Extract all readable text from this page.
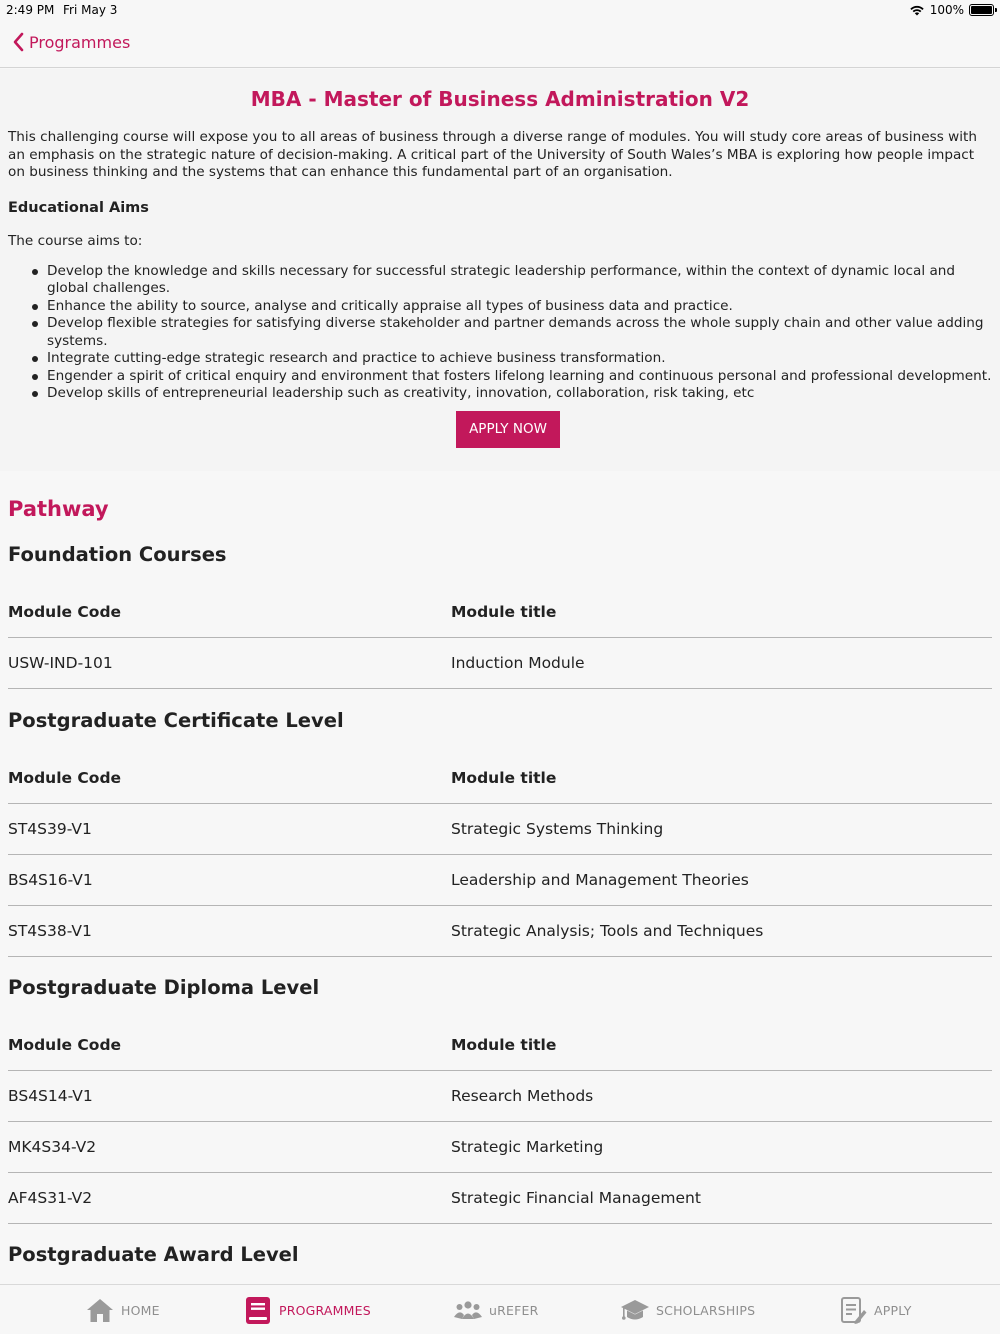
2:49 PM Fri May 3	100%
Programmes
MBA - Master of Business Administration V2

This challenging course will expose you to all areas of business through a diverse range of modules. You will study core areas of business with an emphasis on the strategic nature of decision-making. A critical part of the University of South Wales’s MBA is exploring how people impact on business thinking and the systems that can enhance this fundamental part of an organisation.

Educational Aims
The course aims to:
Develop the knowledge and skills necessary for successful strategic leadership performance, within the context of dynamic local and global challenges.
Enhance the ability to source, analyse and critically appraise all types of business data and practice.
Develop flexible strategies for satisfying diverse stakeholder and partner demands across the whole supply chain and other value adding systems.
Integrate cutting-edge strategic research and practice to achieve business transformation.
Engender a spirit of critical enquiry and environment that fosters lifelong learning and continuous personal and professional development.
Develop skills of entrepreneurial leadership such as creativity, innovation, collaboration, risk taking, etc
APPLY NOW
Pathway
Foundation Courses
Module Code	Module title
USW-IND-101	Induction Module
Postgraduate Certificate Level
Module Code	Module title
ST4S39-V1	Strategic Systems Thinking
BS4S16-V1	Leadership and Management Theories
ST4S38-V1	Strategic Analysis; Tools and Techniques
Postgraduate Diploma Level
Module Code	Module title
BS4S14-V1	Research Methods
MK4S34-V2	Strategic Marketing
AF4S31-V2	Strategic Financial Management
Postgraduate Award Level
HOME	PROGRAMMES	uREFER	SCHOLARSHIPS	APPLY
